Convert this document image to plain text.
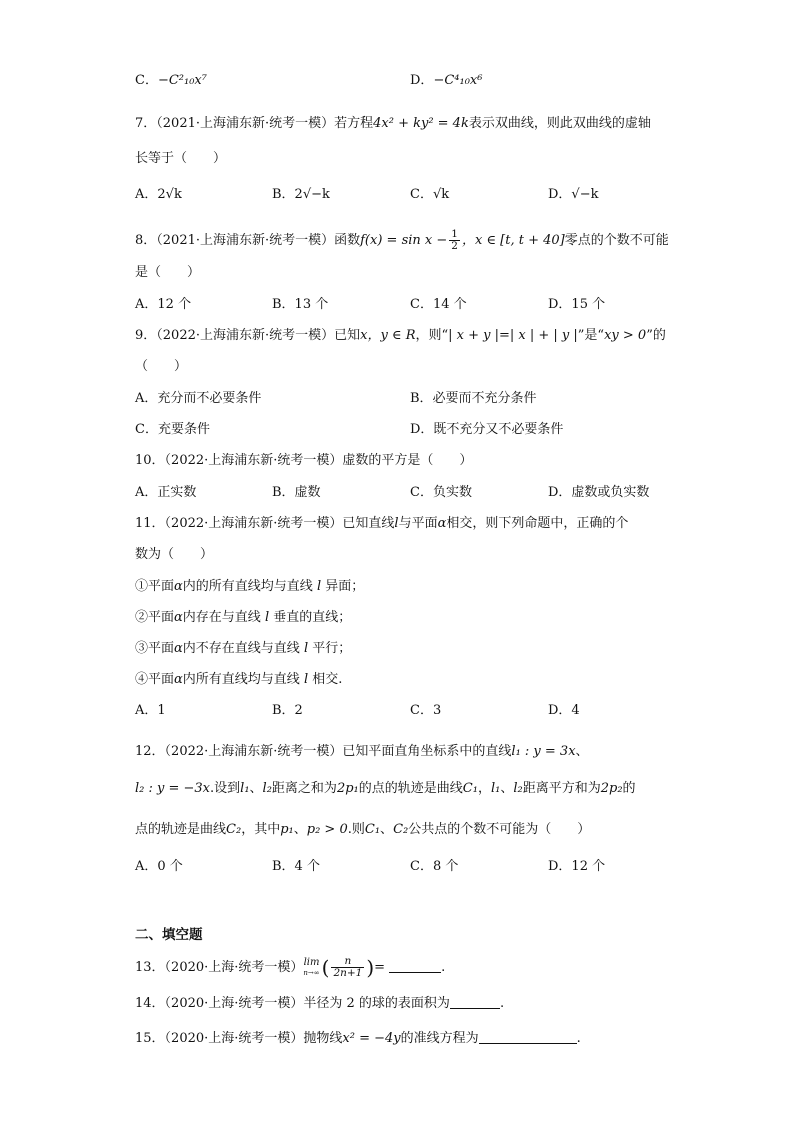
C．−C²₁₀x⁷	D．−C⁴₁₀x⁶
7．（2021·上海浦东新·统考一模）若方程4x² + ky² = 4k表示双曲线，则此双曲线的虚轴
长等于（　　）
A．2√k	B．2√−k	C．√k	D．√−k
8．（2021·上海浦东新·统考一模）函数$f(x) = \sin x - \frac{1}{2}$ ，x ∈ [t, t + 40]零点的个数不可能
是（　　）
A．12 个	B．13 个	C．14 个	D．15 个
9．（2022·上海浦东新·统考一模）已知x，y ∈ R，则“| x + y |=| x | + | y |”是“xy > 0”的
（　　）
A．充分而不必要条件	B．必要而不充分条件
C．充要条件	D．既不充分又不必要条件
10．（2022·上海浦东新·统考一模）虚数的平方是（　　）
A．正实数	B．虚数	C．负实数	D．虚数或负实数
11．（2022·上海浦东新·统考一模）已知直线l与平面α相交，则下列命题中，正确的个
数为（　　）
①平面α内的所有直线均与直线 l 异面；
②平面α内存在与直线 l 垂直的直线；
③平面α内不存在直线与直线 l 平行；
④平面α内所有直线均与直线 l 相交.
A．1	B．2	C．3	D．4
12．（2022·上海浦东新·统考一模）已知平面直角坐标系中的直线l₁ : y = 3x、
l₂ : y = −3x.设到l₁、l₂距离之和为2p₁的点的轨迹是曲线C₁，l₁、l₂距离平方和为2p₂的
点的轨迹是曲线C₂，其中p₁、p₂ > 0.则C₁、C₂公共点的个数不可能为（　　）
A．0 个	B．4 个	C．8 个	D．12 个
二、填空题
13．（2020·上海·统考一模）lim
n→∞ ( $\frac{n}{2n+1}$ )=	.
14．（2020·上海·统考一模）半径为 2 的球的表面积为	.
15．（2020·上海·统考一模）抛物线x² = −4y的准线方程为	.
